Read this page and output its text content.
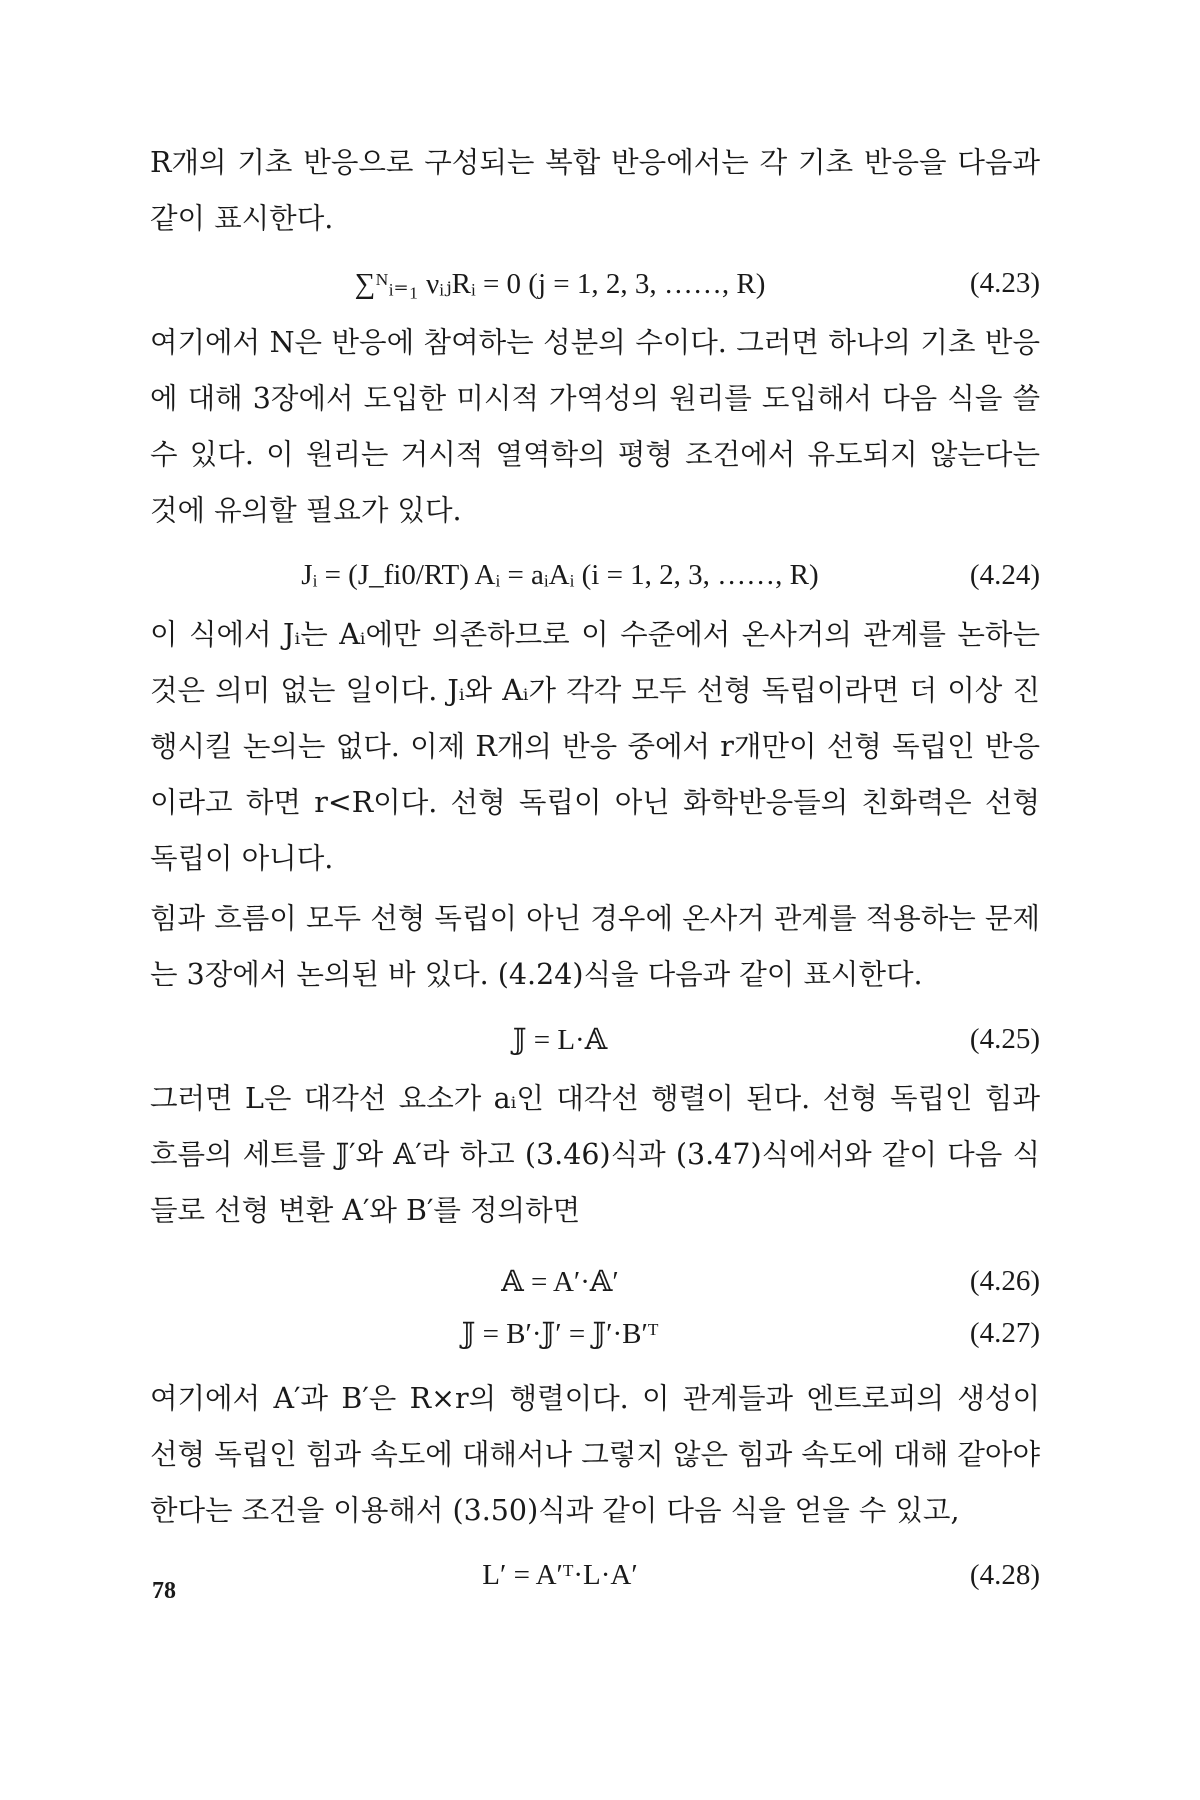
R개의 기초 반응으로 구성되는 복합 반응에서는 각 기초 반응을 다음과 같이 표시한다.

∑ᴺᵢ₌₁ νᵢⱼRᵢ = 0 (j = 1, 2, 3, ……, R)	(4.23)

여기에서 N은 반응에 참여하는 성분의 수이다. 그러면 하나의 기초 반응에 대해 3장에서 도입한 미시적 가역성의 원리를 도입해서 다음 식을 쓸 수 있다. 이 원리는 거시적 열역학의 평형 조건에서 유도되지 않는다는 것에 유의할 필요가 있다.

Jᵢ = (J_fi0/RT) Aᵢ = aᵢAᵢ (i = 1, 2, 3, ……, R)	(4.24)

이 식에서 Jᵢ는 Aᵢ에만 의존하므로 이 수준에서 온사거의 관계를 논하는 것은 의미 없는 일이다. Jᵢ와 Aᵢ가 각각 모두 선형 독립이라면 더 이상 진행시킬 논의는 없다. 이제 R개의 반응 중에서 r개만이 선형 독립인 반응이라고 하면 r<R이다. 선형 독립이 아닌 화학반응들의 친화력은 선형 독립이 아니다.

힘과 흐름이 모두 선형 독립이 아닌 경우에 온사거 관계를 적용하는 문제는 3장에서 논의된 바 있다. (4.24)식을 다음과 같이 표시한다.

𝕁 = L·𝔸	(4.25)

그러면 L은 대각선 요소가 aᵢ인 대각선 행렬이 된다. 선형 독립인 힘과 흐름의 세트를 𝕁′와 𝔸′라 하고 (3.46)식과 (3.47)식에서와 같이 다음 식들로 선형 변환 A′와 B′를 정의하면

𝔸 = A′·𝔸′	(4.26)
𝕁 = B′·𝕁′ = 𝕁′·B′ᵀ	(4.27)

여기에서 A′과 B′은 R×r의 행렬이다. 이 관계들과 엔트로피의 생성이 선형 독립인 힘과 속도에 대해서나 그렇지 않은 힘과 속도에 대해 같아야 한다는 조건을 이용해서 (3.50)식과 같이 다음 식을 얻을 수 있고,

L′ = A′ᵀ·L·A′	(4.28)
78
